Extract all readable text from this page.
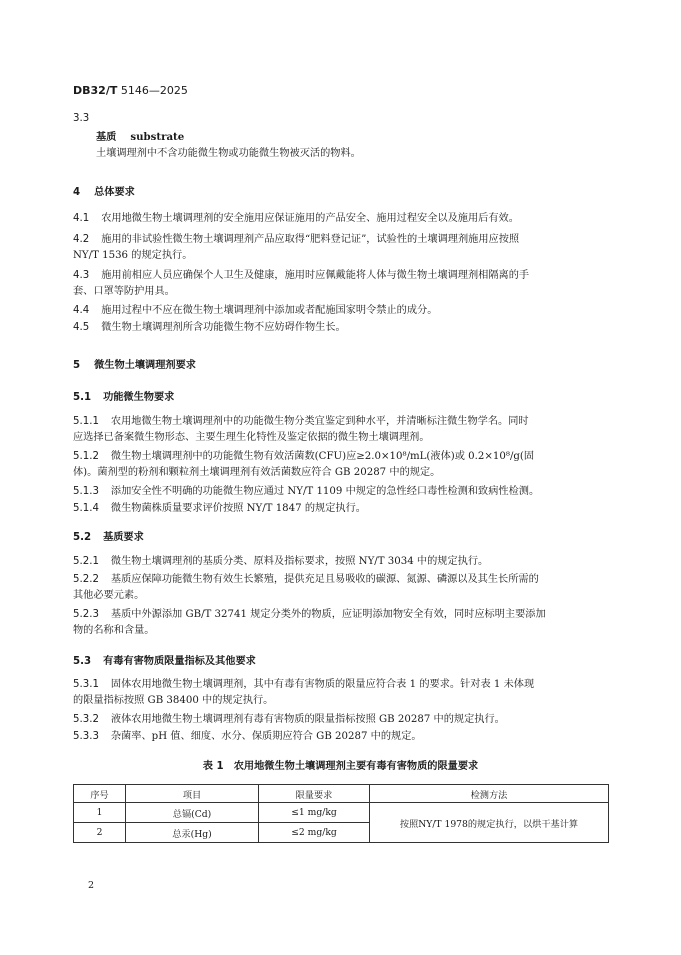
DB32/T 5146—2025
3.3
基质 substrate
土壤调理剂中不含功能微生物或功能微生物被灭活的物料。
4 总体要求
4.1 农用地微生物土壤调理剂的安全施用应保证施用的产品安全、施用过程安全以及施用后有效。
4.2 施用的非试验性微生物土壤调理剂产品应取得“肥料登记证”，试验性的土壤调理剂施用应按照
NY/T 1536 的规定执行。
4.3 施用前相应人员应确保个人卫生及健康，施用时应佩戴能将人体与微生物土壤调理剂相隔离的手
套、口罩等防护用具。
4.4 施用过程中不应在微生物土壤调理剂中添加或者配施国家明令禁止的成分。
4.5 微生物土壤调理剂所含功能微生物不应妨碍作物生长。
5 微生物土壤调理剂要求
5.1 功能微生物要求
5.1.1 农用地微生物土壤调理剂中的功能微生物分类宜鉴定到种水平，并清晰标注微生物学名。同时
应选择已备案微生物形态、主要生理生化特性及鉴定依据的微生物土壤调理剂。
5.1.2 微生物土壤调理剂中的功能微生物有效活菌数(CFU)应≥2.0×10⁸/mL(液体)或 0.2×10⁸/g(固
体)。菌剂型的粉剂和颗粒剂土壤调理剂有效活菌数应符合 GB 20287 中的规定。
5.1.3 添加安全性不明确的功能微生物应通过 NY/T 1109 中规定的急性经口毒性检测和致病性检测。
5.1.4 微生物菌株质量要求评价按照 NY/T 1847 的规定执行。
5.2 基质要求
5.2.1 微生物土壤调理剂的基质分类、原料及指标要求，按照 NY/T 3034 中的规定执行。
5.2.2 基质应保障功能微生物有效生长繁殖，提供充足且易吸收的碳源、氮源、磷源以及其生长所需的
其他必要元素。
5.2.3 基质中外源添加 GB/T 32741 规定分类外的物质，应证明添加物安全有效，同时应标明主要添加
物的名称和含量。
5.3 有毒有害物质限量指标及其他要求
5.3.1 固体农用地微生物土壤调理剂，其中有毒有害物质的限量应符合表 1 的要求。针对表 1 未体现
的限量指标按照 GB 38400 中的规定执行。
5.3.2 液体农用地微生物土壤调理剂有毒有害物质的限量指标按照 GB 20287 中的规定执行。
5.3.3 杂菌率、pH 值、细度、水分、保质期应符合 GB 20287 中的规定。
表 1　农用地微生物土壤调理剂主要有毒有害物质的限量要求
序号	项目	限量要求	检测方法
1	总镉(Cd)	≤1 mg/kg	按照NY/T 1978的规定执行，以烘干基计算
2	总汞(Hg)	≤2 mg/kg	
2
